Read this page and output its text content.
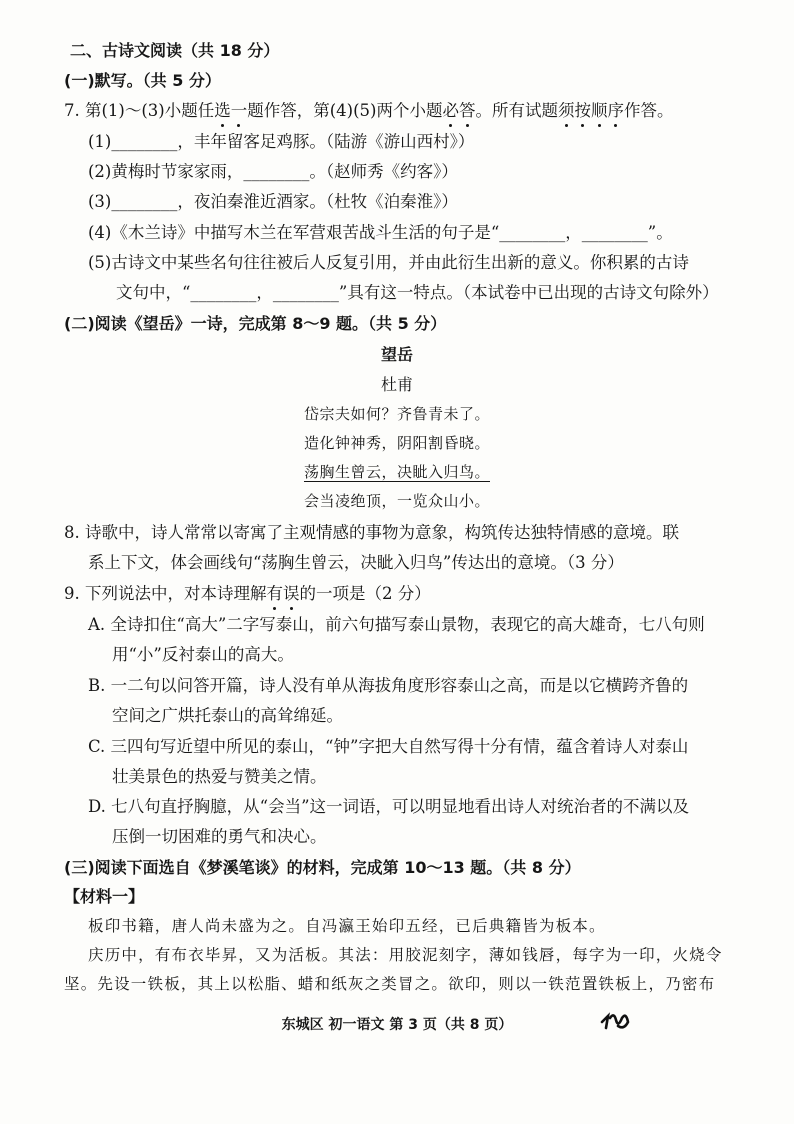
二、古诗文阅读（共 18 分）
(一)默写。（共 5 分）
7. 第(1)～(3)小题任选一题作答，第(4)(5)两个小题必答。所有试题须按顺序作答。
(1)________，丰年留客足鸡豚。（陆游《游山西村》）
(2)黄梅时节家家雨，________。（赵师秀《约客》）
(3)________，夜泊秦淮近酒家。（杜牧《泊秦淮》）
(4)《木兰诗》中描写木兰在军营艰苦战斗生活的句子是“________，________”。
(5)古诗文中某些名句往往被后人反复引用，并由此衍生出新的意义。你积累的古诗
文句中，“________，________”具有这一特点。（本试卷中已出现的古诗文句除外）
(二)阅读《望岳》一诗，完成第 8～9 题。（共 5 分）
望岳
杜甫
岱宗夫如何？齐鲁青未了。
造化钟神秀，阴阳割昏晓。
荡胸生曾云，决眦入归鸟。
会当凌绝顶，一览众山小。
8. 诗歌中，诗人常常以寄寓了主观情感的事物为意象，构筑传达独特情感的意境。联
系上下文，体会画线句“荡胸生曾云，决眦入归鸟”传达出的意境。（3 分）
9. 下列说法中，对本诗理解有误的一项是（2 分）
A. 全诗扣住“高大”二字写泰山，前六句描写泰山景物，表现它的高大雄奇，七八句则
用“小”反衬泰山的高大。
B. 一二句以问答开篇，诗人没有单从海拔角度形容泰山之高，而是以它横跨齐鲁的
空间之广烘托泰山的高耸绵延。
C. 三四句写近望中所见的泰山，“钟”字把大自然写得十分有情，蕴含着诗人对泰山
壮美景色的热爱与赞美之情。
D. 七八句直抒胸臆，从“会当”这一词语，可以明显地看出诗人对统治者的不满以及
压倒一切困难的勇气和决心。
(三)阅读下面选自《梦溪笔谈》的材料，完成第 10～13 题。（共 8 分）
【材料一】
板印书籍，唐人尚未盛为之。自冯瀛王始印五经，已后典籍皆为板本。
庆历中，有布衣毕昇，又为活板。其法：用胶泥刻字，薄如钱唇，每字为一印，火烧令
坚。先设一铁板，其上以松脂、蜡和纸灰之类冒之。欲印，则以一铁范置铁板上，乃密布
东城区 初一语文 第 3 页（共 8 页）
